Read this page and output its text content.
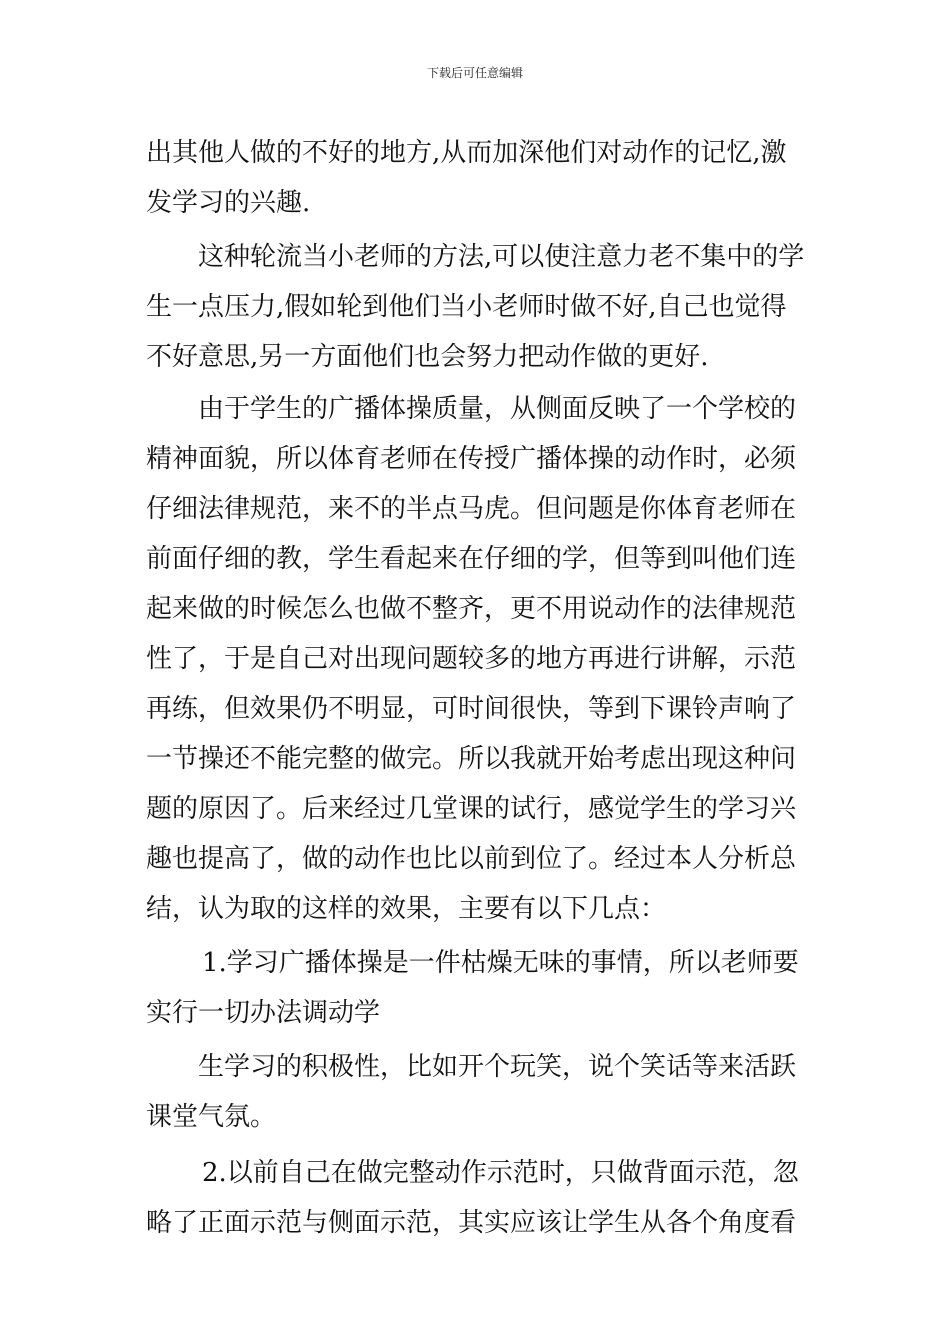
下载后可任意编辑
出其他人做的不好的地方,从而加深他们对动作的记忆,激
发学习的兴趣.
这种轮流当小老师的方法,可以使注意力老不集中的学
生一点压力,假如轮到他们当小老师时做不好,自己也觉得
不好意思,另一方面他们也会努力把动作做的更好.
由于学生的广播体操质量，从侧面反映了一个学校的
精神面貌，所以体育老师在传授广播体操的动作时，必须
仔细法律规范，来不的半点马虎。但问题是你体育老师在
前面仔细的教，学生看起来在仔细的学，但等到叫他们连
起来做的时候怎么也做不整齐，更不用说动作的法律规范
性了，于是自己对出现问题较多的地方再进行讲解，示范
再练，但效果仍不明显，可时间很快，等到下课铃声响了
一节操还不能完整的做完。所以我就开始考虑出现这种问
题的原因了。后来经过几堂课的试行，感觉学生的学习兴
趣也提高了，做的动作也比以前到位了。经过本人分析总
结，认为取的这样的效果，主要有以下几点：
1.学习广播体操是一件枯燥无味的事情，所以老师要
实行一切办法调动学
生学习的积极性，比如开个玩笑，说个笑话等来活跃
课堂气氛。
2.以前自己在做完整动作示范时，只做背面示范，忽
略了正面示范与侧面示范，其实应该让学生从各个角度看
